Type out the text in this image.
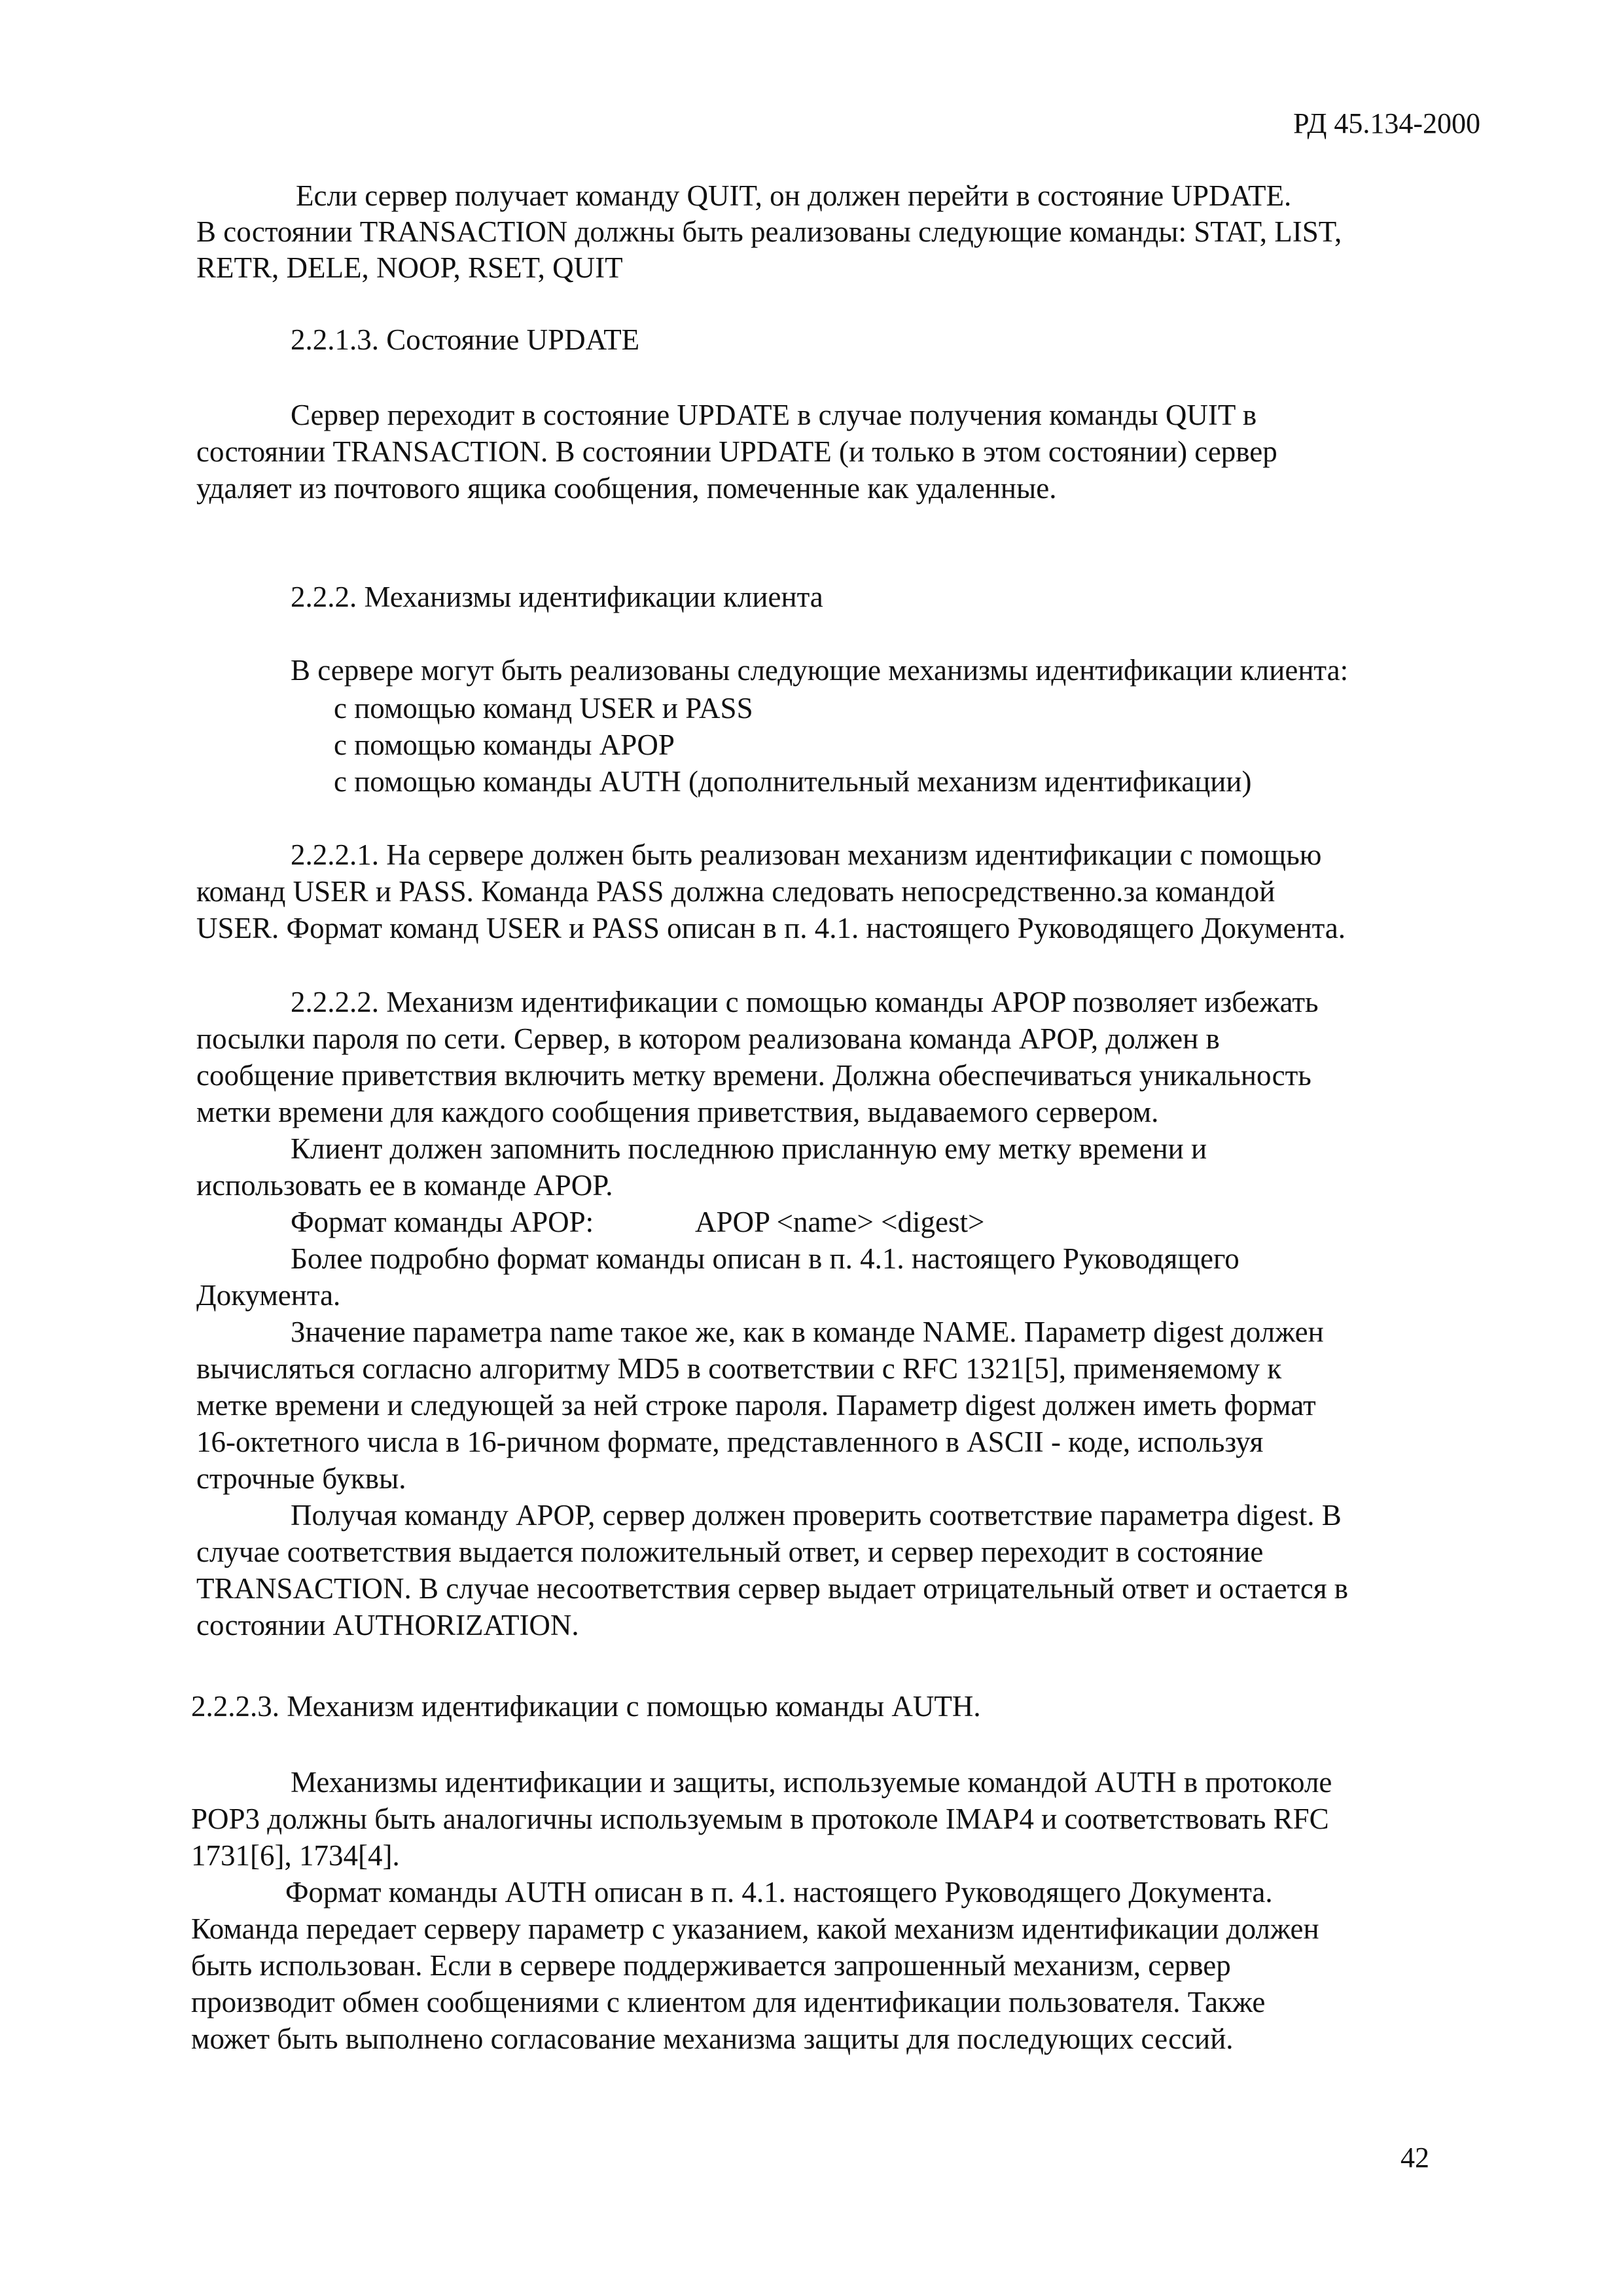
РД 45.134-2000

Если сервер получает команду QUIT, он должен перейти в состояние UPDATE.

В состоянии TRANSACTION должны быть реализованы следующие команды: STAT, LIST,

RETR, DELE, NOOP, RSET, QUIT

2.2.1.3. Состояние UPDATE

Сервер переходит в состояние UPDATE в случае получения команды QUIT в

состоянии TRANSACTION. В состоянии UPDATE (и только в этом состоянии) сервер

удаляет из почтового ящика сообщения, помеченные как удаленные.

2.2.2. Механизмы идентификации клиента

В сервере могут быть реализованы следующие механизмы идентификации клиента:

с помощью команд USER и PASS

с помощью команды APOP

с помощью команды AUTH (дополнительный механизм идентификации)

2.2.2.1. На сервере должен быть реализован механизм идентификации с помощью

команд USER и PASS. Команда PASS должна следовать непосредственно.за командой

USER. Формат команд USER и PASS описан в п. 4.1. настоящего Руководящего Документа.

2.2.2.2. Механизм идентификации с помощью команды APOP позволяет избежать

посылки пароля по сети. Сервер, в котором реализована команда APOP, должен в

сообщение приветствия включить метку времени. Должна обеспечиваться уникальность

метки времени для каждого сообщения приветствия, выдаваемого сервером.

Клиент должен запомнить последнюю присланную ему метку времени и

использовать ее в команде APOP.

Формат команды APOP:	APOP <name> <digest>

Более подробно формат команды описан в п. 4.1. настоящего Руководящего

Документа.

Значение параметра name такое же, как в команде NAME. Параметр digest должен

вычисляться согласно алгоритму MD5 в соответствии с RFC 1321[5], применяемому к

метке времени и следующей за ней строке пароля. Параметр digest должен иметь формат

16-октетного числа в 16-ричном формате, представленного в ASCII - коде, используя

строчные буквы.

Получая команду APOP, сервер должен проверить соответствие параметра digest. В

случае соответствия выдается положительный ответ, и сервер переходит в состояние

TRANSACTION. В случае несоответствия сервер выдает отрицательный ответ и остается в

состоянии AUTHORIZATION.

2.2.2.3. Механизм идентификации с помощью команды AUTH.

Механизмы идентификации и защиты, используемые командой AUTH в протоколе

POP3 должны быть аналогичны используемым в протоколе IMAP4 и соответствовать RFC

1731[6], 1734[4].

Формат команды AUTH описан в п. 4.1. настоящего Руководящего Документа.

Команда передает серверу параметр с указанием, какой механизм идентификации должен

быть использован. Если в сервере поддерживается запрошенный механизм, сервер

производит обмен сообщениями с клиентом для идентификации пользователя. Также

может быть выполнено согласование механизма защиты для последующих сессий.

42
